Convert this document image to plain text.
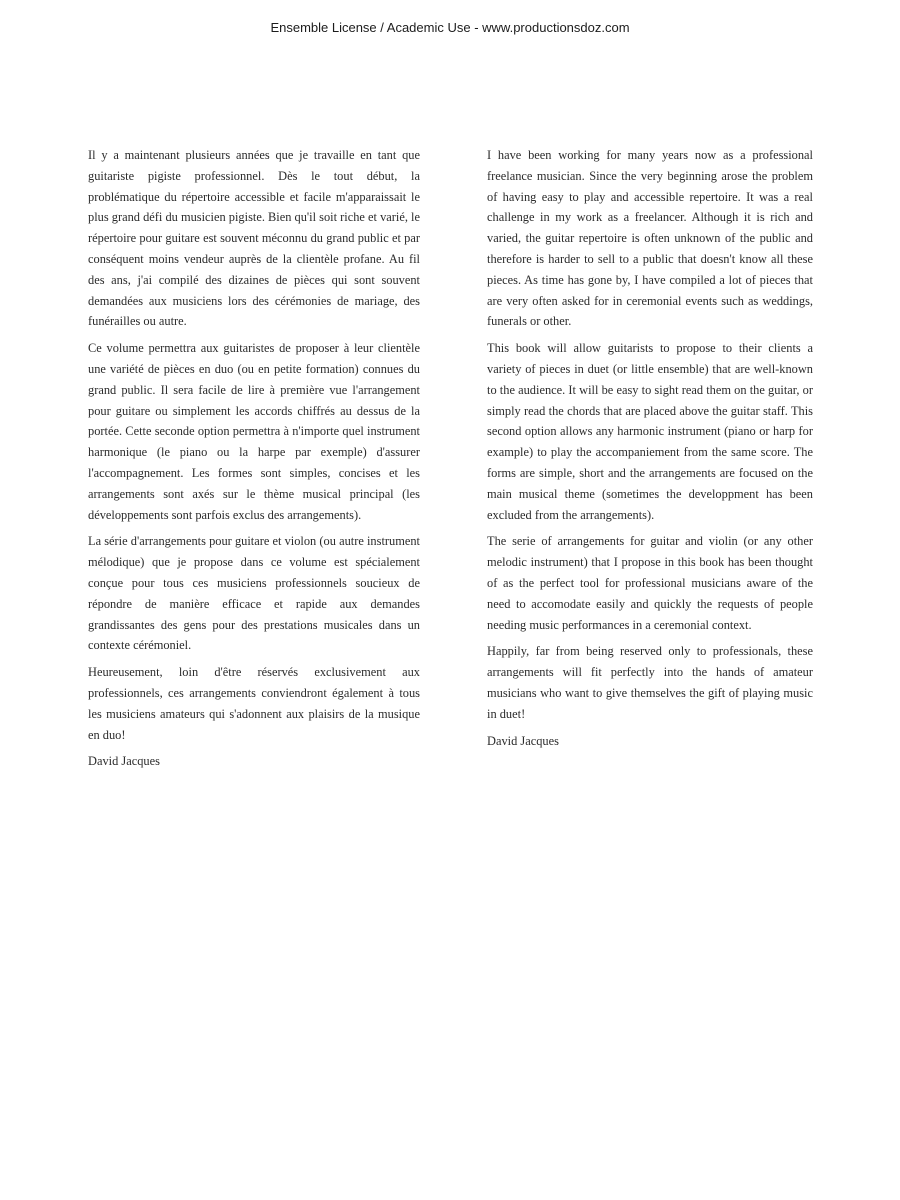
Ensemble License / Academic Use - www.productionsdoz.com

Il y a maintenant plusieurs années que je travaille en tant que guitariste pigiste professionnel. Dès le tout début, la problématique du répertoire accessible et facile m'apparaissait le plus grand défi du musicien pigiste. Bien qu'il soit riche et varié, le répertoire pour guitare est souvent méconnu du grand public et par conséquent moins vendeur auprès de la clientèle profane. Au fil des ans, j'ai compilé des dizaines de pièces qui sont souvent demandées aux musiciens lors des cérémonies de mariage, des funérailles ou autre.

Ce volume permettra aux guitaristes de proposer à leur clientèle une variété de pièces en duo (ou en petite formation) connues du grand public. Il sera facile de lire à première vue l'arrangement pour guitare ou simplement les accords chiffrés au dessus de la portée. Cette seconde option permettra à n'importe quel instrument harmonique (le piano ou la harpe par exemple) d'assurer l'accompagnement. Les formes sont simples, concises et les arrangements sont axés sur le thème musical principal (les développements sont parfois exclus des arrangements).

La série d'arrangements pour guitare et violon (ou autre instrument mélodique) que je propose dans ce volume est spécialement conçue pour tous ces musiciens professionnels soucieux de répondre de manière efficace et rapide aux demandes grandissantes des gens pour des prestations musicales dans un contexte cérémoniel.

Heureusement, loin d'être réservés exclusivement aux professionnels, ces arrangements conviendront également à tous les musiciens amateurs qui s'adonnent aux plaisirs de la musique en duo!

David Jacques

I have been working for many years now as a professional freelance musician. Since the very beginning arose the problem of having easy to play and accessible repertoire. It was a real challenge in my work as a freelancer. Although it is rich and varied, the guitar repertoire is often unknown of the public and therefore is harder to sell to a public that doesn't know all these pieces. As time has gone by, I have compiled a lot of pieces that are very often asked for in ceremonial events such as weddings, funerals or other.

This book will allow guitarists to propose to their clients a variety of pieces in duet (or little ensemble) that are well-known to the audience. It will be easy to sight read them on the guitar, or simply read the chords that are placed above the guitar staff. This second option allows any harmonic instrument (piano or harp for example) to play the accompaniement from the same score. The forms are simple, short and the arrangements are focused on the main musical theme (sometimes the developpment has been excluded from the arrangements).

The serie of arrangements for guitar and violin (or any other melodic instrument) that I propose in this book has been thought of as the perfect tool for professional musicians aware of the need to accomodate easily and quickly the requests of people needing music performances in a ceremonial context.

Happily, far from being reserved only to professionals, these arrangements will fit perfectly into the hands of amateur musicians who want to give themselves the gift of playing music in duet!

David Jacques
